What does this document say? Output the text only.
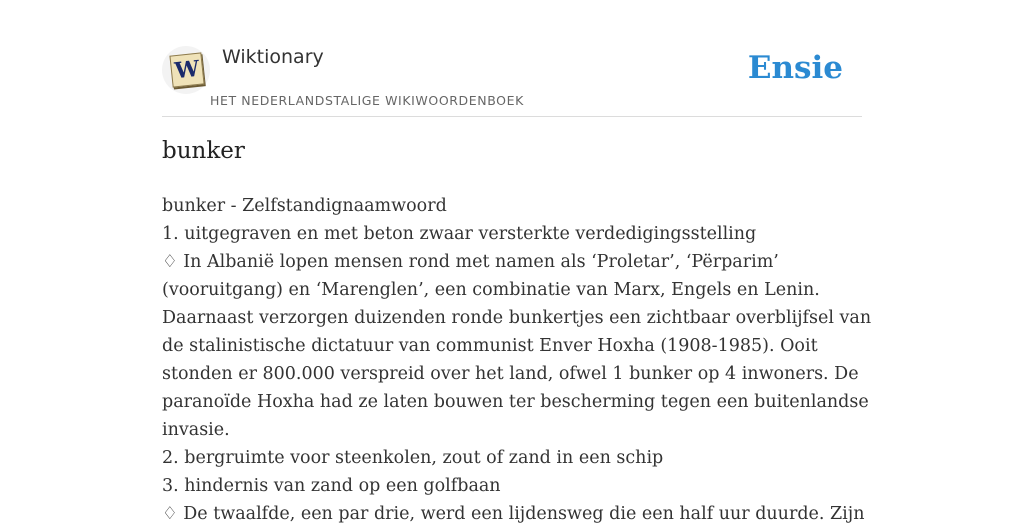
W Wiktionary
HET NEDERLANDSTALIGE WIKIWOORDENBOEK
Ensie
bunker
bunker - Zelfstandignaamwoord
1. uitgegraven en met beton zwaar versterkte verdedigingsstelling
♢ In Albanië lopen mensen rond met namen als ‘Proletar’, ‘Përparim’
(vooruitgang) en ‘Marenglen’, een combinatie van Marx, Engels en Lenin.
Daarnaast verzorgen duizenden ronde bunkertjes een zichtbaar overblijfsel van
de stalinistische dictatuur van communist Enver Hoxha (1908-1985). Ooit
stonden er 800.000 verspreid over het land, ofwel 1 bunker op 4 inwoners. De
paranoïde Hoxha had ze laten bouwen ter bescherming tegen een buitenlandse
invasie.
2. bergruimte voor steenkolen, zout of zand in een schip
3. hindernis van zand op een golfbaan
♢ De twaalfde, een par drie, werd een lijdensweg die een half uur duurde. Zijn
